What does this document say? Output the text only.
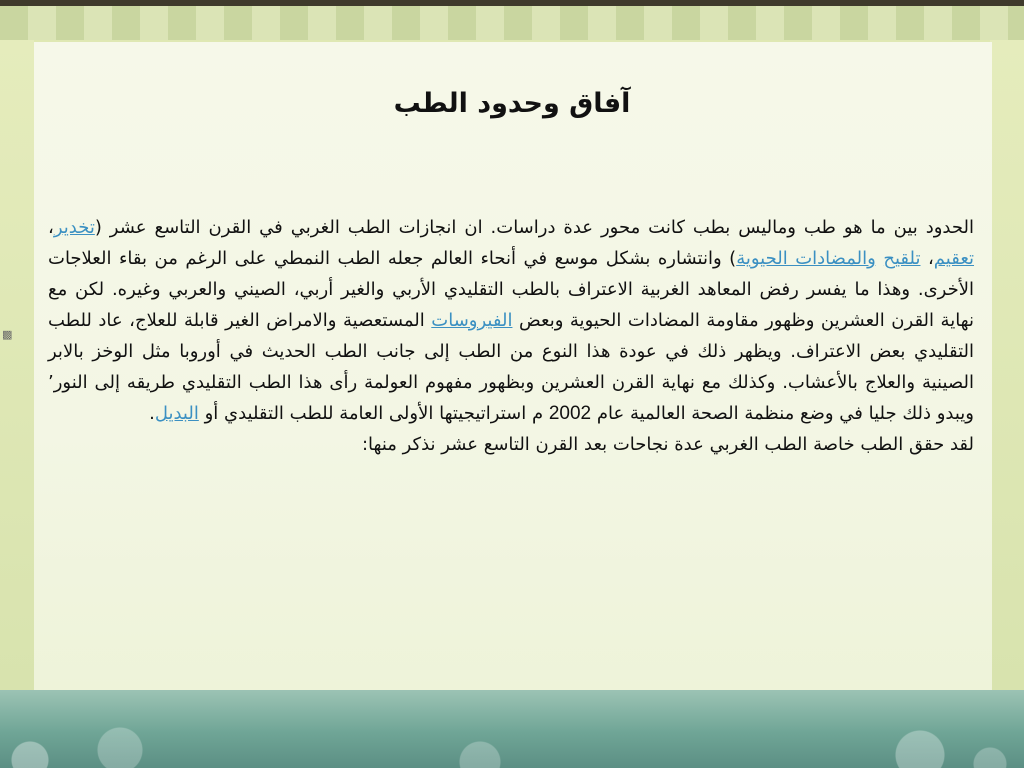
▩
آفاق وحدود الطب

الحدود بين ما هو طب وماليس بطب كانت محور عدة دراسات. ان انجازات الطب الغربي في القرن التاسع عشر (تخدير، تعقيم، تلقيح والمضادات الحيوية) وانتشاره بشكل موسع في أنحاء العالم جعله الطب النمطي على الرغم من بقاء العلاجات الأخرى. وهذا ما يفسر رفض المعاهد الغربية الاعتراف بالطب التقليدي الأربي والغير أربي، الصيني والعربي وغيره. لكن مع نهاية القرن العشرين وظهور مقاومة المضادات الحيوية وبعض الفيروسات المستعصية والامراض الغير قابلة للعلاج، عاد للطب التقليدي بعض الاعتراف. ويظهر ذلك في عودة هذا النوع من الطب إلى جانب الطب الحديث في أوروبا مثل الوخز بالابر الصينية والعلاج بالأعشاب. وكذلك مع نهاية القرن العشرين وبظهور مفهوم العولمة رأى هذا الطب التقليدي طريقه إلى النور’ ويبدو ذلك جليا في وضع منظمة الصحة العالمية عام 2002 م استراتيجيتها الأولى العامة للطب التقليدي أو البديل.

لقد حقق الطب خاصة الطب الغربي عدة نجاحات بعد القرن التاسع عشر نذكر منها:
